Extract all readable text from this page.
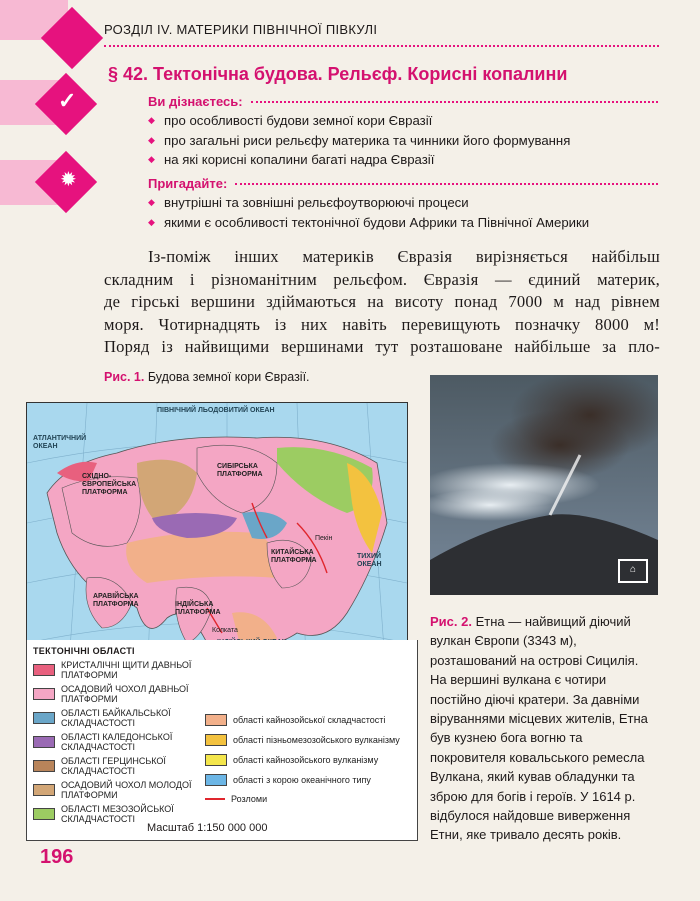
✓
✹
РОЗДІЛ IV. МАТЕРИКИ ПІВНІЧНОЇ ПІВКУЛІ
§ 42. Тектонічна будова. Рельєф. Корисні копалини
Ви дізнаєтесь:
◆ про особливості будови земної кори Євразії
◆ про загальні риси рельєфу материка та чинники його формування
◆ на які корисні копалини багаті надра Євразії
Пригадайте:
◆ внутрішні та зовнішні рельєфоутворюючі процеси
◆ якими є особливості тектонічної будови Африки та Північної Америки
Із-поміж інших материків Євразія вирізняється найбільш
складним і різноманітним рельєфом. Євразія — єдиний материк,
де гірські вершини здіймаються на висоту понад 7000 м над рівнем
моря. Чотирнадцять із них навіть перевищують позначку 8000 м!
Поряд із найвищими вершинами тут розташоване найбільше за пло-
Рис. 1. Будова земної кори Євразії.
ПІВНІЧНИЙ ЛЬОДОВИТИЙ ОКЕАН
АТЛАНТИЧНИЙ ОКЕАН
СХІДНО-ЄВРОПЕЙСЬКА ПЛАТФОРМА
СИБІРСЬКА ПЛАТФОРМА
АРАВІЙСЬКА ПЛАТФОРМА	ІНДІЙСЬКА ПЛАТФОРМА
КИТАЙСЬКА ПЛАТФОРМА
ТИХИЙ ОКЕАН
Колката
Пекін
ТЕКТОНІЧНІ ОБЛАСТІ
КРИСТАЛІЧНІ ЩИТИ ДАВНЬОЇ ПЛАТФОРМИ
ОСАДОВИЙ ЧОХОЛ ДАВНЬОЇ ПЛАТФОРМИ
ОБЛАСТІ БАЙКАЛЬСЬКОЇ СКЛАДЧАСТОСТІ
ОБЛАСТІ КАЛЕДОНСЬКОЇ СКЛАДЧАСТОСТІ
ОБЛАСТІ ГЕРЦИНСЬКОЇ СКЛАДЧАСТОСТІ
ОСАДОВИЙ ЧОХОЛ МОЛОДОЇ ПЛАТФОРМИ
ОБЛАСТІ МЕЗОЗОЙСЬКОЇ СКЛАДЧАСТОСТІ
області кайнозойської складчастості
області пізньомезозойського вулканізму
області кайнозойського вулканізму
області з корою океанічного типу
Розломи
Масштаб 1:150 000 000
⌂
Рис. 2. Етна — найвищий діючий вулкан Європи (3343 м), розташований на острові Сицилія. На вершині вулкана є чотири постійно діючі кратери. За давніми віруваннями місцевих жителів, Етна був кузнею бога вогню та покровителя ковальського ремесла Вулкана, який кував обладунки та зброю для богів і героїв. У 1614 р. відбулося найдовше виверження Етни, яке тривало десять років.
196
